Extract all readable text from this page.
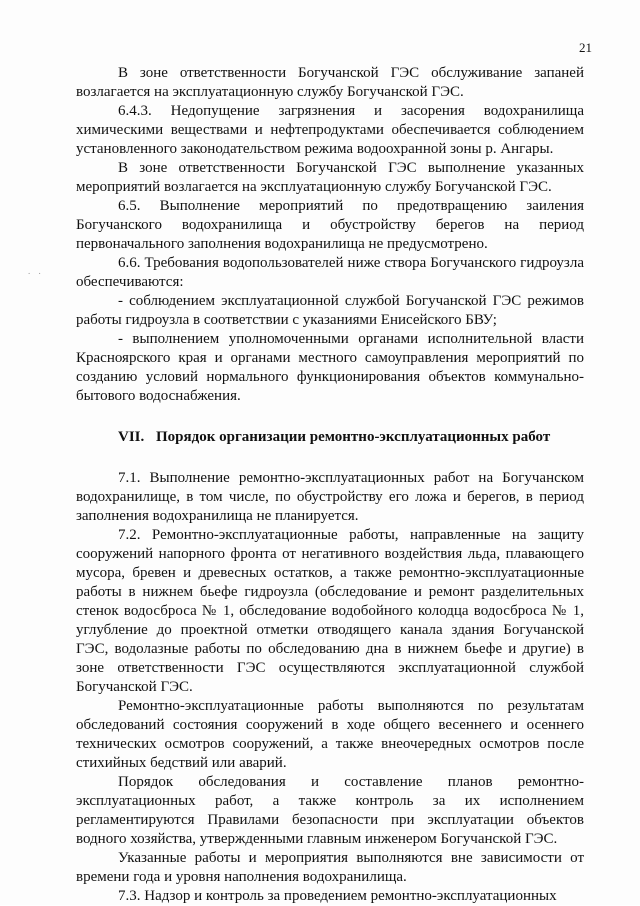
21
. .

В зоне ответственности Богучанской ГЭС обслуживание запаней возлагается на эксплуатационную службу Богучанской ГЭС.

6.4.3. Недопущение загрязнения и засорения водохранилища химическими веществами и нефтепродуктами обеспечивается соблюдением установленного законодательством режима водоохранной зоны р. Ангары.

В зоне ответственности Богучанской ГЭС выполнение указанных мероприятий возлагается на эксплуатационную службу Богучанской ГЭС.

6.5. Выполнение мероприятий по предотвращению заиления Богучанского водохранилища и обустройству берегов на период первоначального заполнения водохранилища не предусмотрено.

6.6. Требования водопользователей ниже створа Богучанского гидроузла обеспечиваются:

- соблюдением эксплуатационной службой Богучанской ГЭС режимов работы гидроузла в соответствии с указаниями Енисейского БВУ;

- выполнением уполномоченными органами исполнительной власти Красноярского края и органами местного самоуправления мероприятий по созданию условий нормального функционирования объектов коммунально-бытового водоснабжения.

VII. Порядок организации ремонтно-эксплуатационных работ

7.1. Выполнение ремонтно-эксплуатационных работ на Богучанском водохранилище, в том числе, по обустройству его ложа и берегов, в период заполнения водохранилища не планируется.

7.2. Ремонтно-эксплуатационные работы, направленные на защиту сооружений напорного фронта от негативного воздействия льда, плавающего мусора, бревен и древесных остатков, а также ремонтно-эксплуатационные работы в нижнем бьефе гидроузла (обследование и ремонт разделительных стенок водосброса № 1, обследование водобойного колодца водосброса № 1, углубление до проектной отметки отводящего канала здания Богучанской ГЭС, водолазные работы по обследованию дна в нижнем бьефе и другие) в зоне ответственности ГЭС осуществляются эксплуатационной службой Богучанской ГЭС.

Ремонтно-эксплуатационные работы выполняются по результатам обследований состояния сооружений в ходе общего весеннего и осеннего технических осмотров сооружений, а также внеочередных осмотров после стихийных бедствий или аварий.

Порядок обследования и составление планов ремонтно-эксплуатационных работ, а также контроль за их исполнением регламентируются Правилами безопасности при эксплуатации объектов водного хозяйства, утвержденными главным инженером Богучанской ГЭС.

Указанные работы и мероприятия выполняются вне зависимости от времени года и уровня наполнения водохранилища.

7.3. Надзор и контроль за проведением ремонтно-эксплуатационных
